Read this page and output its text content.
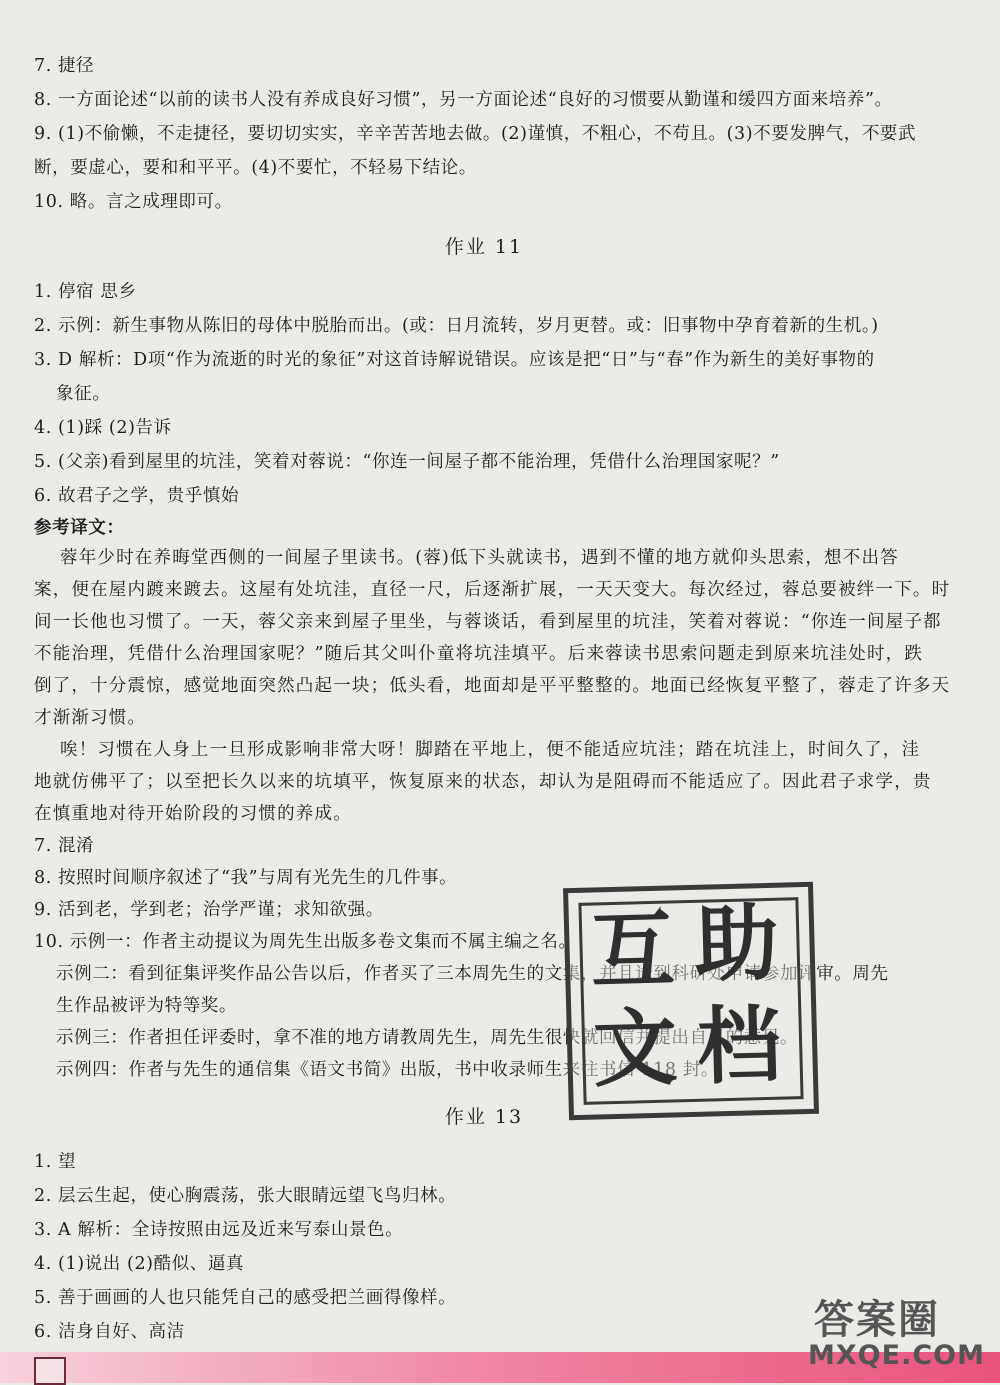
7. 捷径
8. 一方面论述“以前的读书人没有养成良好习惯”，另一方面论述“良好的习惯要从勤谨和缓四方面来培养”。
9. (1)不偷懒，不走捷径，要切切实实，辛辛苦苦地去做。(2)谨慎，不粗心，不苟且。(3)不要发脾气，不要武
断，要虚心，要和和平平。(4)不要忙，不轻易下结论。
10. 略。言之成理即可。
作业 11
1. 停宿 思乡
2. 示例：新生事物从陈旧的母体中脱胎而出。(或：日月流转，岁月更替。或：旧事物中孕育着新的生机。)
3. D 解析：D项“作为流逝的时光的象征”对这首诗解说错误。应该是把“日”与“春”作为新生的美好事物的
象征。
4. (1)踩 (2)告诉
5. (父亲)看到屋里的坑洼，笑着对蓉说：“你连一间屋子都不能治理，凭借什么治理国家呢？”
6. 故君子之学，贵乎慎始
参考译文：
蓉年少时在养晦堂西侧的一间屋子里读书。(蓉)低下头就读书，遇到不懂的地方就仰头思索，想不出答
案，便在屋内踱来踱去。这屋有处坑洼，直径一尺，后逐渐扩展，一天天变大。每次经过，蓉总要被绊一下。时
间一长他也习惯了。一天，蓉父亲来到屋子里坐，与蓉谈话，看到屋里的坑洼，笑着对蓉说：“你连一间屋子都
不能治理，凭借什么治理国家呢？”随后其父叫仆童将坑洼填平。后来蓉读书思索问题走到原来坑洼处时，跌
倒了，十分震惊，感觉地面突然凸起一块；低头看，地面却是平平整整的。地面已经恢复平整了，蓉走了许多天
才渐渐习惯。
唉！习惯在人身上一旦形成影响非常大呀！脚踏在平地上，便不能适应坑洼；踏在坑洼上，时间久了，洼
地就仿佛平了；以至把长久以来的坑填平，恢复原来的状态，却认为是阻碍而不能适应了。因此君子求学，贵
在慎重地对待开始阶段的习惯的养成。
7. 混淆
8. 按照时间顺序叙述了“我”与周有光先生的几件事。
9. 活到老，学到老；治学严谨；求知欲强。
10. 示例一：作者主动提议为周先生出版多卷文集而不属主编之名。
示例二：看到征集评奖作品公告以后，作者买了三本周先生的文集，并且送到科研处申请参加评审。周先
生作品被评为特等奖。
示例三：作者担任评委时，拿不准的地方请教周先生，周先生很快就回信并提出自己的意见。
示例四：作者与先生的通信集《语文书简》出版，书中收录师生来往书信 118 封。
作业 13
1. 望
2. 层云生起，使心胸震荡，张大眼睛远望飞鸟归林。
3. A 解析：全诗按照由远及近来写泰山景色。
4. (1)说出 (2)酷似、逼真
5. 善于画画的人也只能凭自己的感受把兰画得像样。
6. 洁身自好、高洁
互 助
文 档
答案圈
MXQE.COM
